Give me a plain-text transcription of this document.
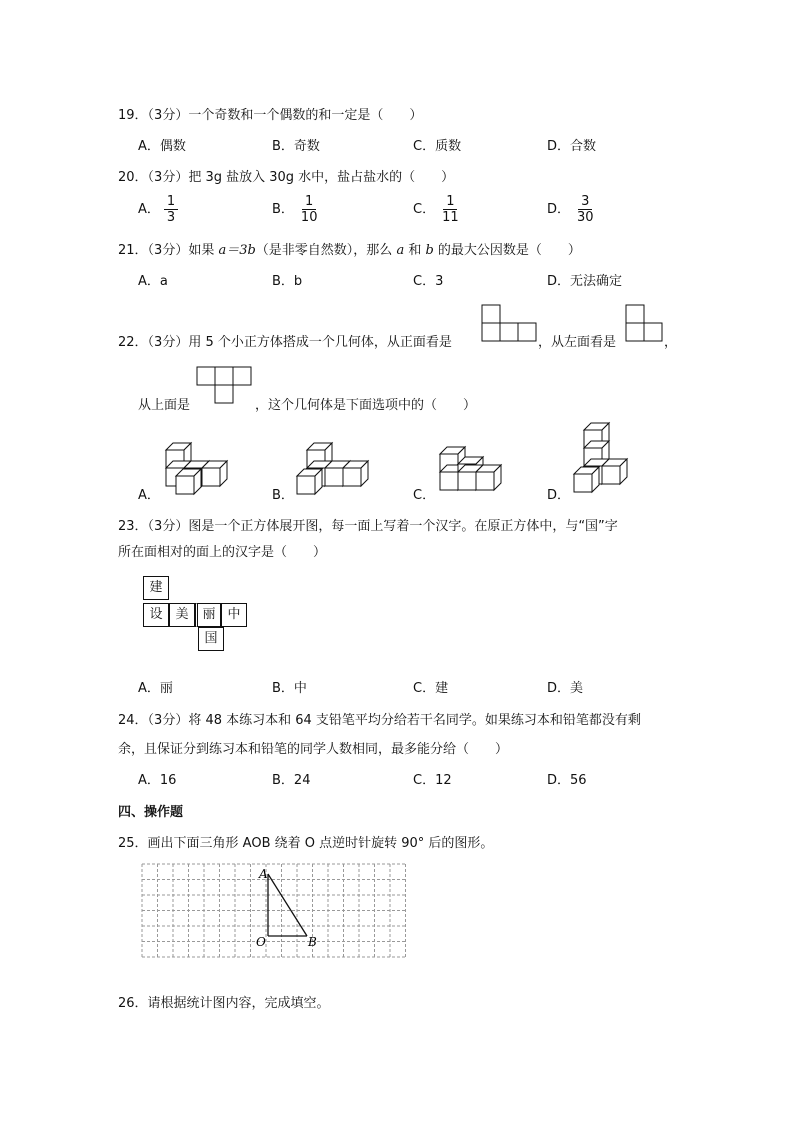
19．（3分）一个奇数和一个偶数的和一定是（　　）
A．偶数	B．奇数	C．质数	D．合数
20．（3分）把 3g 盐放入 30g 水中，盐占盐水的（　　）
A． $\frac{1}{3}$	B． $\frac{1}{10}$	C． $\frac{1}{11}$	D． $\frac{3}{30}$
21．（3分）如果 a＝3b（是非零自然数），那么 a 和 b 的最大公因数是（　　）
A．a	B．b	C．3	D．无法确定
22．（3分）用 5 个小正方体搭成一个几何体，从正面看是	，从左面看是	，
从上面是	，这个几何体是下面选项中的（　　）
A．	B．	C．	D．
23．（3分）图是一个正方体展开图，每一面上写着一个汉字。在原正方体中，与“国”字
所在面相对的面上的汉字是（　　）
建
设 美	丽 中
国
A．丽	B．中	C．建	D．美
24．（3分）将 48 本练习本和 64 支铅笔平均分给若干名同学。如果练习本和铅笔都没有剩
余，且保证分到练习本和铅笔的同学人数相同，最多能分给（　　）
A．16	B．24	C．12	D．56
四、操作题
25．画出下面三角形 AOB 绕着 O 点逆时针旋转 90° 后的图形。
A
O	B
26．请根据统计图内容，完成填空。
